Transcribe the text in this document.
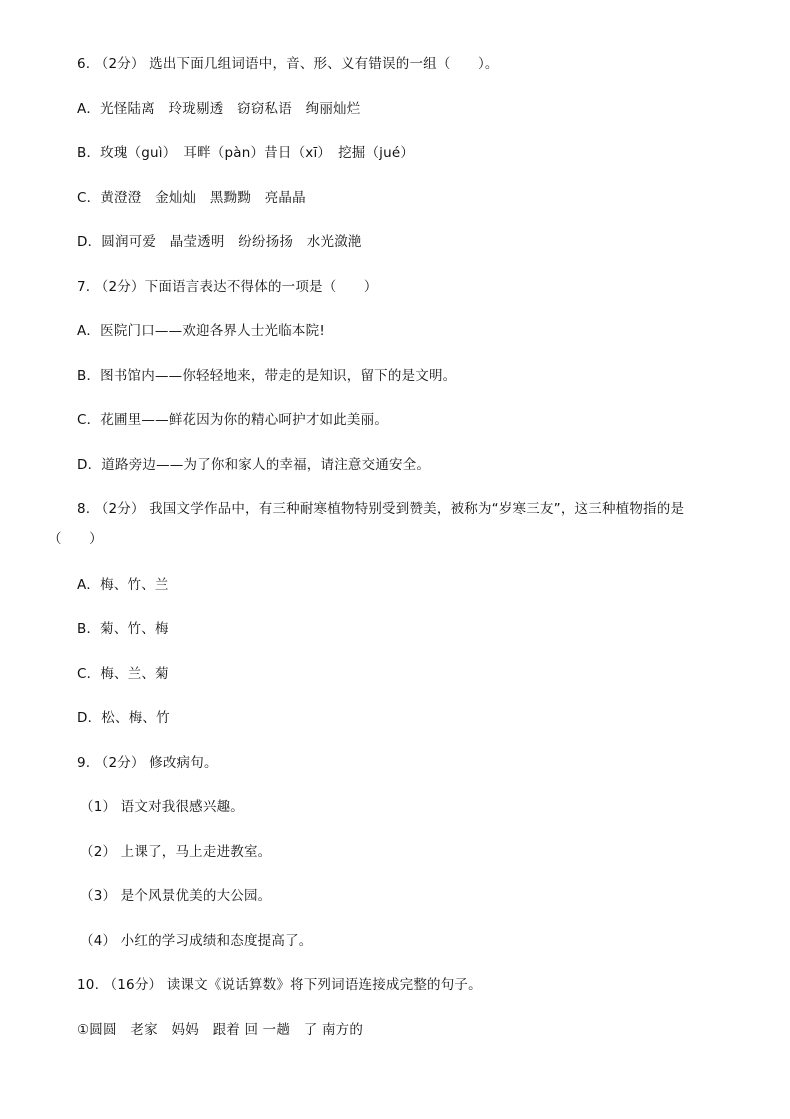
6. （2分） 选出下面几组词语中，音、形、义有错误的一组（　　）。
A．光怪陆离　玲珑剔透　窃窃私语　绚丽灿烂
B．玫瑰（guì）　耳畔（pàn）昔日（xī）　挖掘（jué）
C．黄澄澄　金灿灿　黑黝黝　亮晶晶
D．圆润可爱　晶莹透明　纷纷扬扬　水光潋滟
7. （2分）下面语言表达不得体的一项是（　　）
A．医院门口——欢迎各界人士光临本院!
B．图书馆内——你轻轻地来，带走的是知识，留下的是文明。
C．花圃里——鲜花因为你的精心呵护才如此美丽。
D．道路旁边——为了你和家人的幸福，请注意交通安全。
8. （2分） 我国文学作品中，有三种耐寒植物特别受到赞美，被称为“岁寒三友”，这三种植物指的是（　　）
A．梅、竹、兰
B．菊、竹、梅
C．梅、兰、菊
D．松、梅、竹
9. （2分） 修改病句。
（1） 语文对我很感兴趣。
（2） 上课了，马上走进教室。
（3） 是个风景优美的大公园。
（4） 小红的学习成绩和态度提高了。
10. （16分） 读课文《说话算数》将下列词语连接成完整的句子。
①圆圆　老家　妈妈　跟着 回 一趟　了 南方的
